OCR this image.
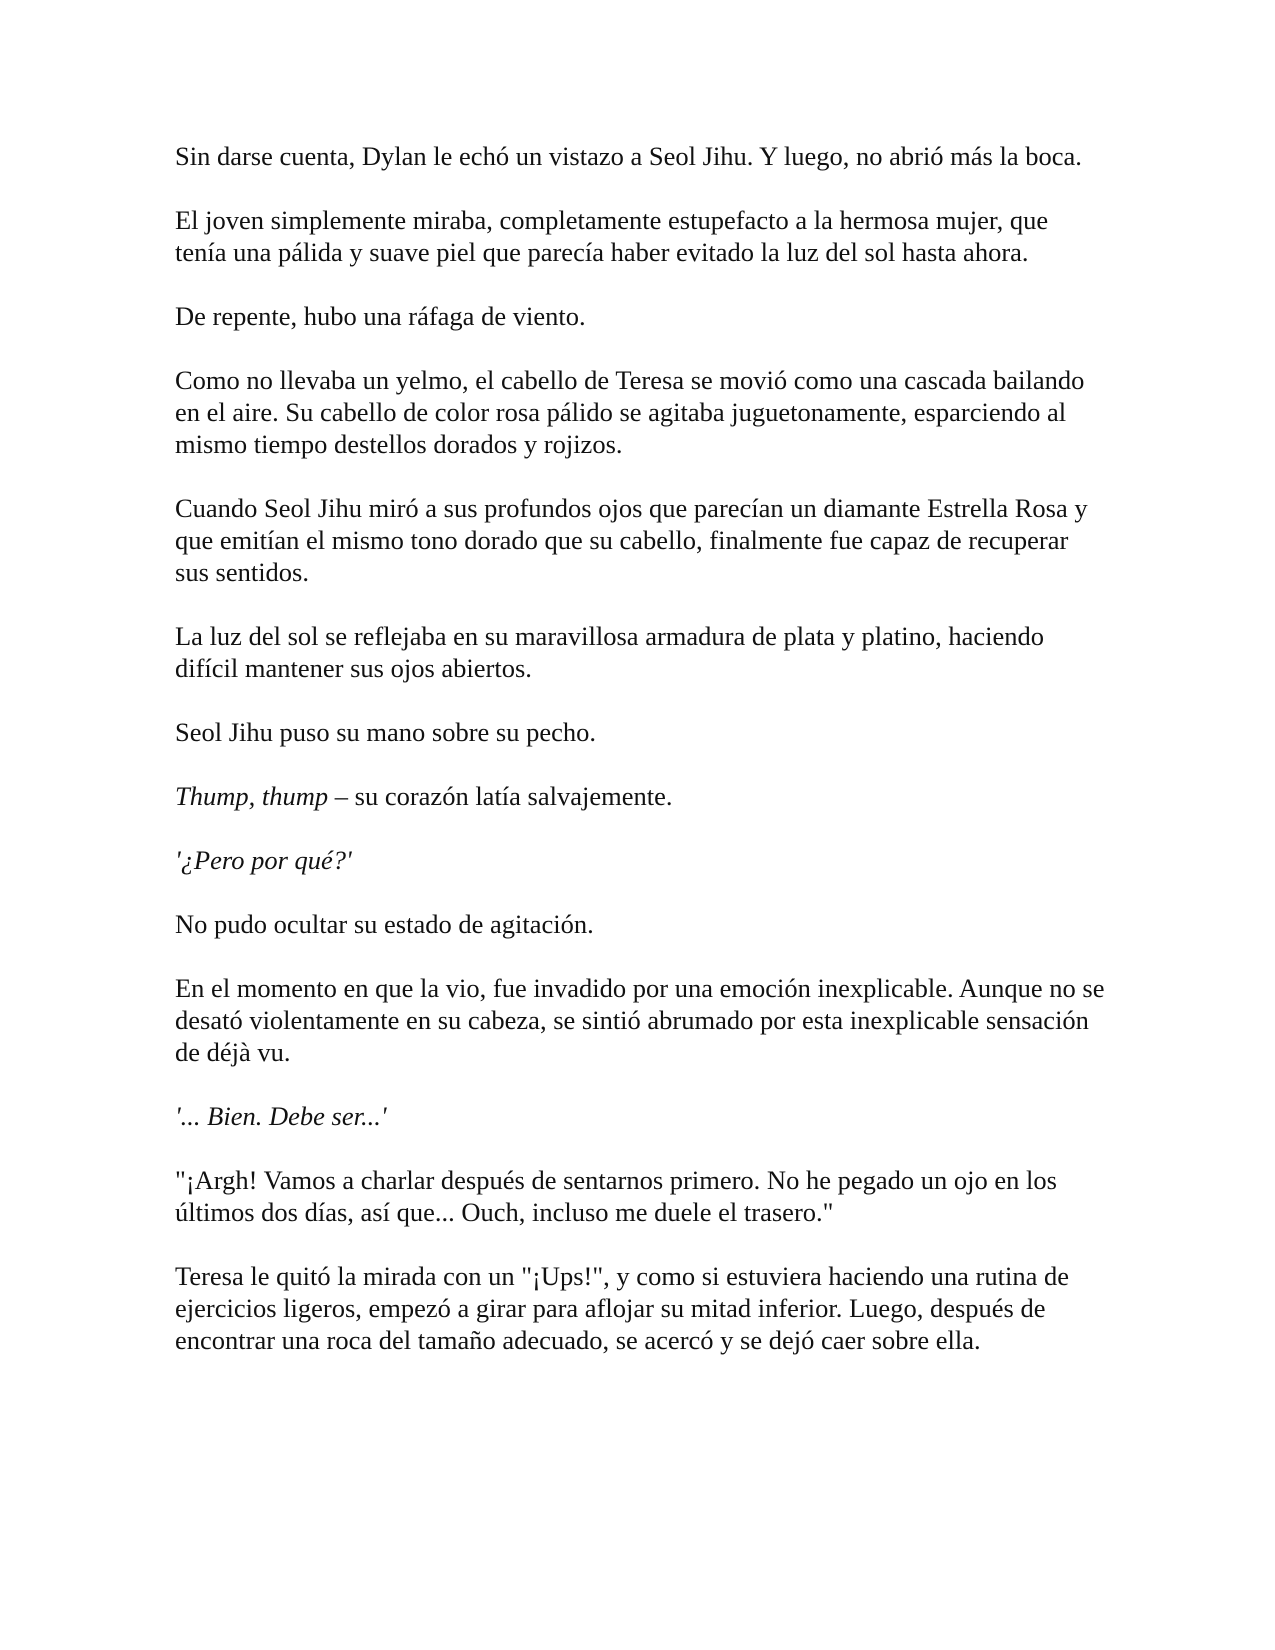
Sin darse cuenta, Dylan le echó un vistazo a Seol Jihu. Y luego, no abrió más la boca.

El joven simplemente miraba, completamente estupefacto a la hermosa mujer, que tenía una pálida y suave piel que parecía haber evitado la luz del sol hasta ahora.

De repente, hubo una ráfaga de viento.

Como no llevaba un yelmo, el cabello de Teresa se movió como una cascada bailando en el aire. Su cabello de color rosa pálido se agitaba juguetonamente, esparciendo al mismo tiempo destellos dorados y rojizos.

Cuando Seol Jihu miró a sus profundos ojos que parecían un diamante Estrella Rosa y que emitían el mismo tono dorado que su cabello, finalmente fue capaz de recuperar sus sentidos.

La luz del sol se reflejaba en su maravillosa armadura de plata y platino, haciendo difícil mantener sus ojos abiertos.

Seol Jihu puso su mano sobre su pecho.

Thump, thump – su corazón latía salvajemente.

'¿Pero por qué?'

No pudo ocultar su estado de agitación.

En el momento en que la vio, fue invadido por una emoción inexplicable. Aunque no se desató violentamente en su cabeza, se sintió abrumado por esta inexplicable sensación de déjà vu.

'... Bien. Debe ser...'

"¡Argh! Vamos a charlar después de sentarnos primero. No he pegado un ojo en los últimos dos días, así que... Ouch, incluso me duele el trasero."

Teresa le quitó la mirada con un "¡Ups!", y como si estuviera haciendo una rutina de ejercicios ligeros, empezó a girar para aflojar su mitad inferior. Luego, después de encontrar una roca del tamaño adecuado, se acercó y se dejó caer sobre ella.
